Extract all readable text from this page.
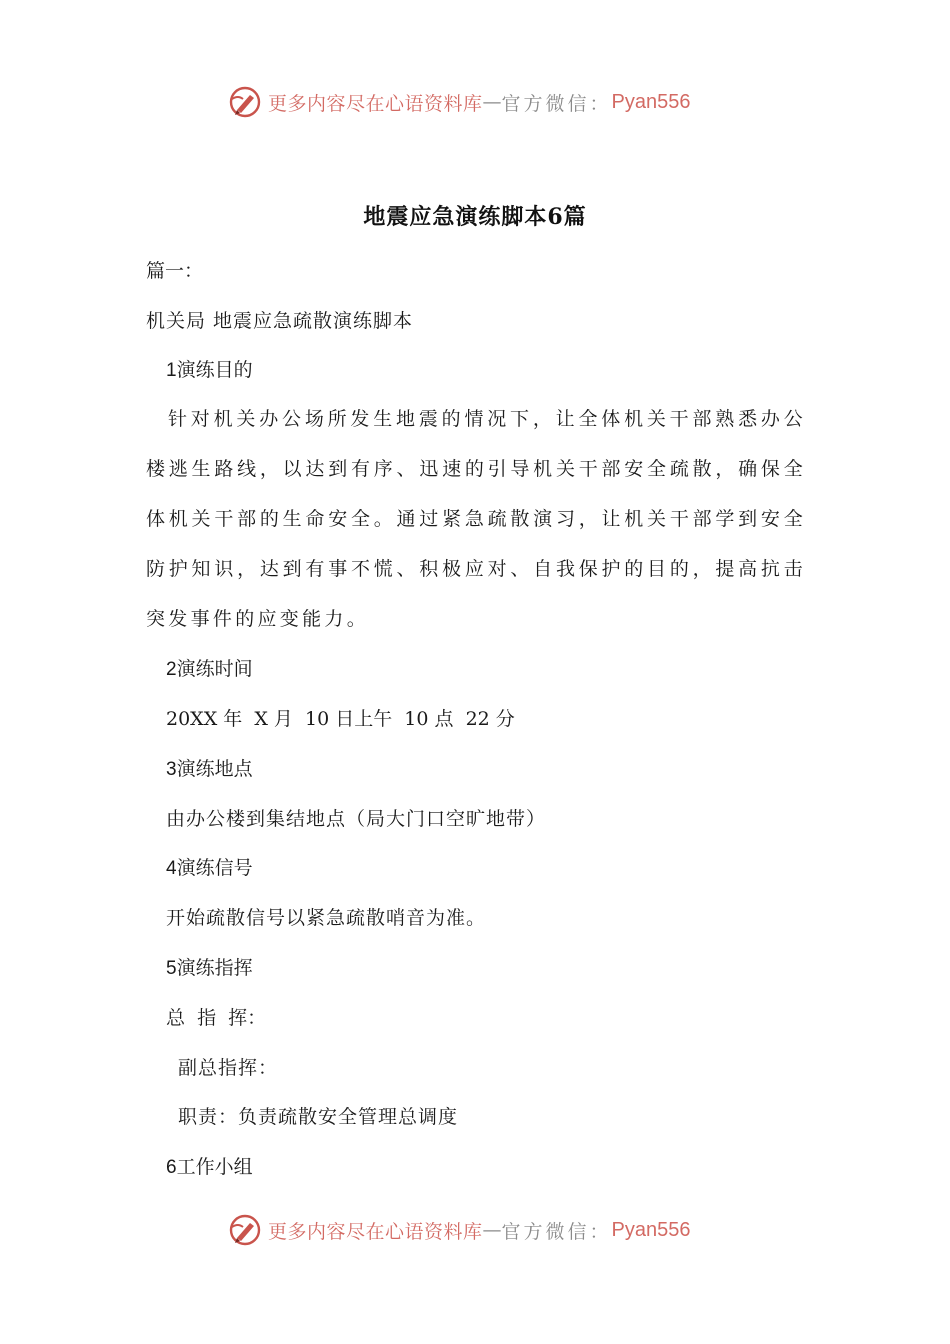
更多内容尽在心语资料库 — 官方微信： Pyan556
地震应急演练脚本6篇
篇一：
机关局 地震应急疏散演练脚本
1演练目的
针对机关办公场所发生地震的情况下，让全体机关干部熟悉办公楼逃生路线，以达到有序、迅速的引导机关干部安全疏散，确保全体机关干部的生命安全。通过紧急疏散演习，让机关干部学到安全防护知识，达到有事不慌、积极应对、自我保护的目的，提高抗击突发事件的应变能力。
2演练时间
20XX 年  X 月  10 日上午  10 点  22 分
3演练地点
由办公楼到集结地点（局大门口空旷地带）
4演练信号
开始疏散信号以紧急疏散哨音为准。
5演练指挥
总  指  挥：
副总指挥：
职责：负责疏散安全管理总调度
6工作小组
更多内容尽在心语资料库 — 官方微信： Pyan556
